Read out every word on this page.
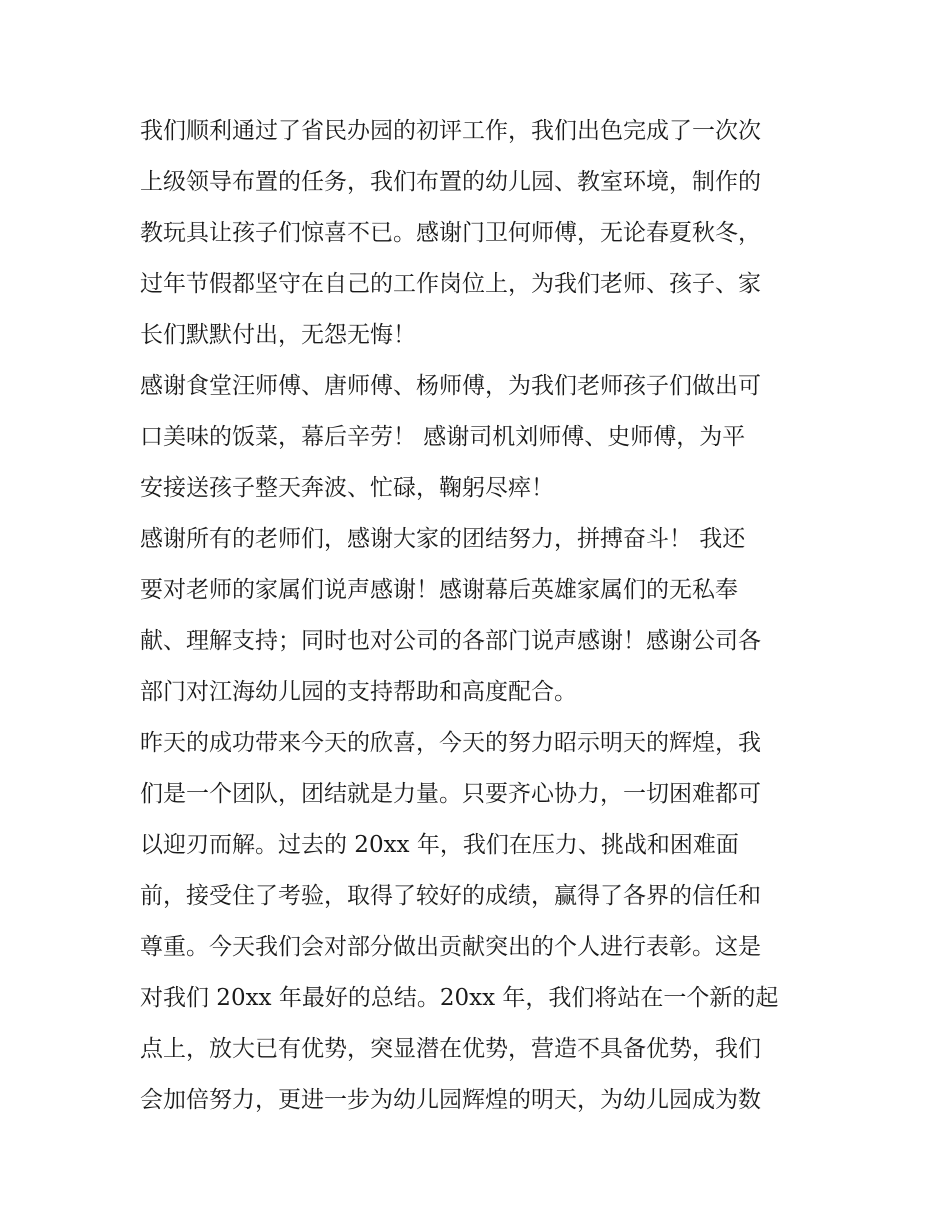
我们顺利通过了省民办园的初评工作，我们出色完成了一次次
上级领导布置的任务，我们布置的幼儿园、教室环境，制作的
教玩具让孩子们惊喜不已。感谢门卫何师傅，无论春夏秋冬，
过年节假都坚守在自己的工作岗位上，为我们老师、孩子、家
长们默默付出，无怨无悔！
感谢食堂汪师傅、唐师傅、杨师傅，为我们老师孩子们做出可
口美味的饭菜，幕后辛劳！ 感谢司机刘师傅、史师傅，为平
安接送孩子整天奔波、忙碌，鞠躬尽瘁！
感谢所有的老师们，感谢大家的团结努力，拼搏奋斗！ 我还
要对老师的家属们说声感谢！感谢幕后英雄家属们的无私奉
献、理解支持；同时也对公司的各部门说声感谢！感谢公司各
部门对江海幼儿园的支持帮助和高度配合。
昨天的成功带来今天的欣喜，今天的努力昭示明天的辉煌，我
们是一个团队，团结就是力量。只要齐心协力，一切困难都可
以迎刃而解。过去的 20xx 年，我们在压力、挑战和困难面
前，接受住了考验，取得了较好的成绩，赢得了各界的信任和
尊重。今天我们会对部分做出贡献突出的个人进行表彰。这是
对我们 20xx 年最好的总结。20xx 年，我们将站在一个新的起
点上，放大已有优势，突显潜在优势，营造不具备优势，我们
会加倍努力，更进一步为幼儿园辉煌的明天，为幼儿园成为数
